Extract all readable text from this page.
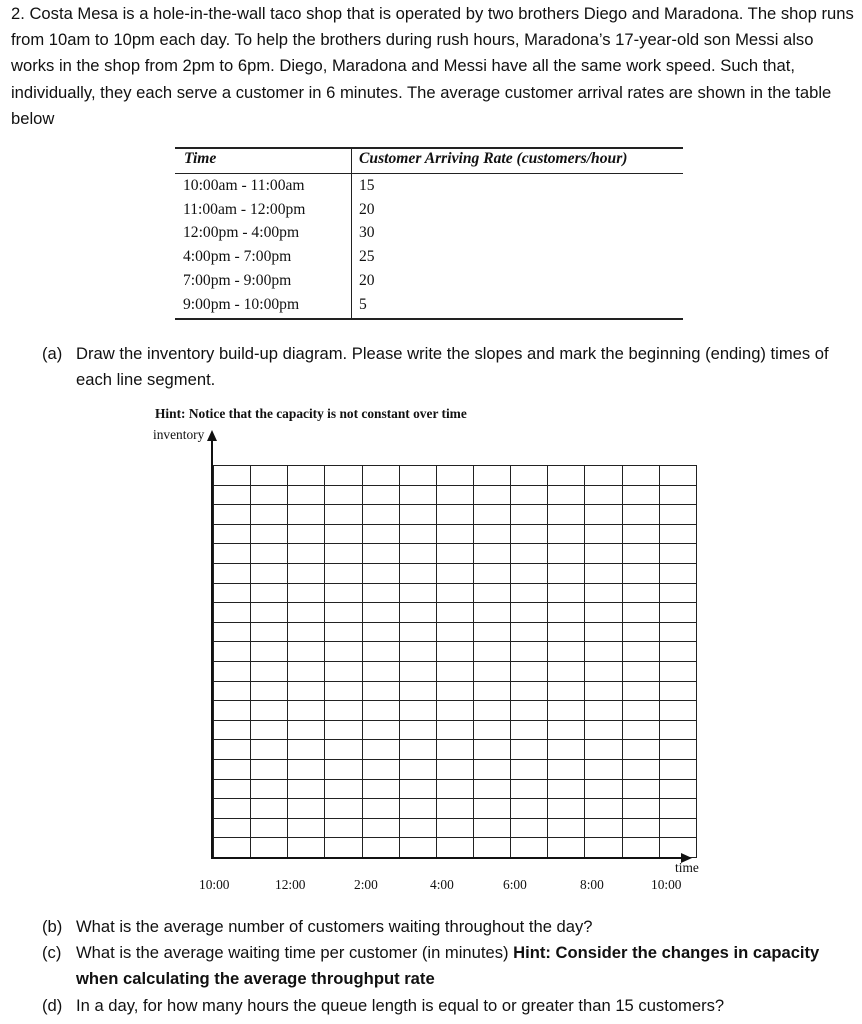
2. Costa Mesa is a hole-in-the-wall taco shop that is operated by two brothers Diego and Maradona. The shop runs from 10am to 10pm each day. To help the brothers during rush hours, Maradona’s 17-year-old son Messi also works in the shop from 2pm to 6pm. Diego, Maradona and Messi have all the same work speed. Such that, individually, they each serve a customer in 6 minutes. The average customer arrival rates are shown in the table below
Time	Customer Arriving Rate (customers/hour)
10:00am - 11:00am	15
11:00am - 12:00pm	20
12:00pm - 4:00pm	30
4:00pm - 7:00pm	25
7:00pm - 9:00pm	20
9:00pm - 10:00pm	5
(a) Draw the inventory build-up diagram. Please write the slopes and mark the beginning (ending) times of each line segment.
Hint: Notice that the capacity is not constant over time
inventory

time
10:00	12:00	2:00	4:00	6:00	8:00	10:00
(b) What is the average number of customers waiting throughout the day?
(c) What is the average waiting time per customer (in minutes) Hint: Consider the changes in capacity when calculating the average throughput rate
(d) In a day, for how many hours the queue length is equal to or greater than 15 customers?
